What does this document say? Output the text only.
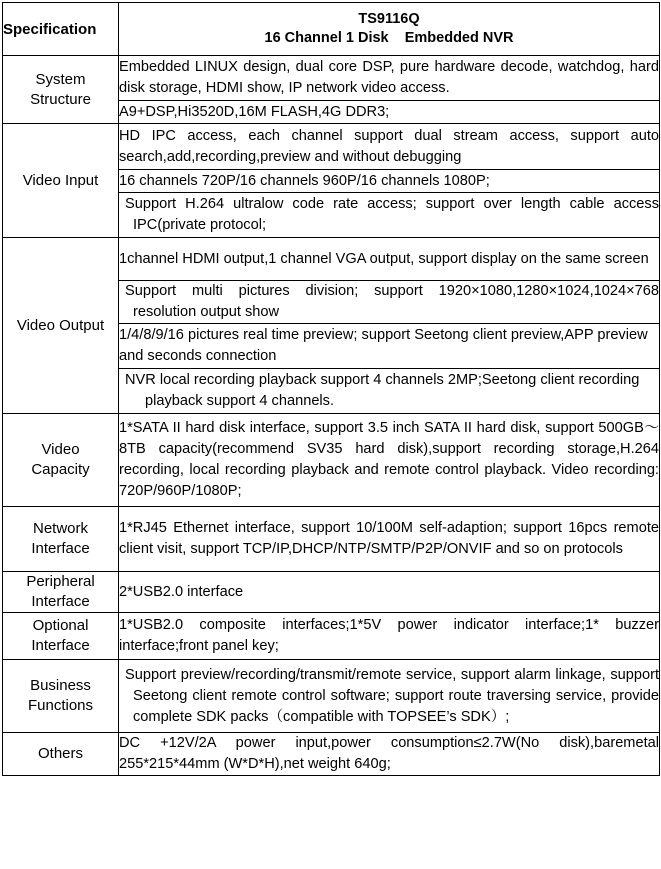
Specification	TS9116Q
16 Channel 1 Disk    Embedded NVR

System
Structure	Embedded LINUX design, dual core DSP, pure hardware decode, watchdog, hard disk storage, HDMI show, IP network video access.
	A9+DSP,Hi3520D,16M FLASH,4G DDR3;
Video Input	HD IPC access, each channel support dual stream access, support auto search,add,recording,preview and without debugging
	16 channels 720P/16 channels 960P/16 channels 1080P;
	Support H.264 ultralow code rate access; support over length cable access IPC(private protocol;
Video Output	1channel HDMI output,1 channel VGA output, support display on the same screen
	Support multi pictures division; support 1920×1080,1280×1024,1024×768 resolution output show
	1/4/8/9/16 pictures real time preview; support Seetong client preview,APP preview and seconds connection
	NVR local recording playback support 4 channels 2MP;Seetong client recording playback support 4 channels.
Video
Capacity	1*SATA II hard disk interface, support 3.5 inch SATA II hard disk, support 500GB～8TB capacity(recommend SV35 hard disk),support recording storage,H.264 recording, local recording playback and remote control playback. Video recording: 720P/960P/1080P;
Network
Interface	1*RJ45 Ethernet interface, support 10/100M self-adaption; support 16pcs remote client visit, support TCP/IP,DHCP/NTP/SMTP/P2P/ONVIF and so on protocols
Peripheral
Interface	2*USB2.0 interface
Optional
Interface	1*USB2.0 composite interfaces;1*5V power indicator interface;1* buzzer interface;front panel key;
Business
Functions	Support preview/recording/transmit/remote service, support alarm linkage, support Seetong client remote control software; support route traversing service, provide complete SDK packs（compatible with TOPSEE’s SDK）;
Others	DC +12V/2A power input,power consumption≤2.7W(No disk),baremetal 255*215*44mm (W*D*H),net weight 640g;
